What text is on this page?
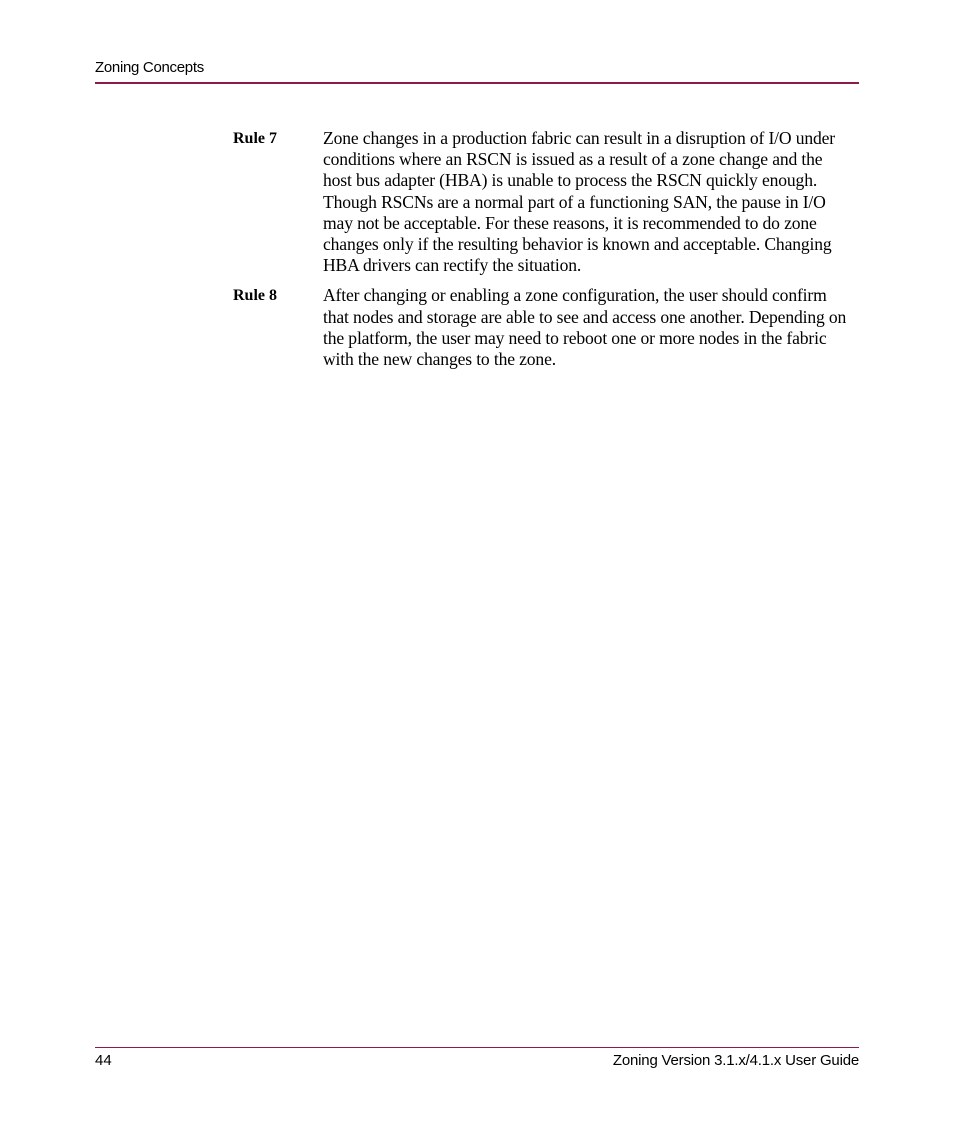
Zoning Concepts
Rule 7	Zone changes in a production fabric can result in a disruption of I/O under conditions where an RSCN is issued as a result of a zone change and the host bus adapter (HBA) is unable to process the RSCN quickly enough. Though RSCNs are a normal part of a functioning SAN, the pause in I/O may not be acceptable. For these reasons, it is recommended to do zone changes only if the resulting behavior is known and acceptable. Changing HBA drivers can rectify the situation.
Rule 8	After changing or enabling a zone configuration, the user should confirm that nodes and storage are able to see and access one another. Depending on the platform, the user may need to reboot one or more nodes in the fabric with the new changes to the zone.
44	Zoning Version 3.1.x/4.1.x User Guide
